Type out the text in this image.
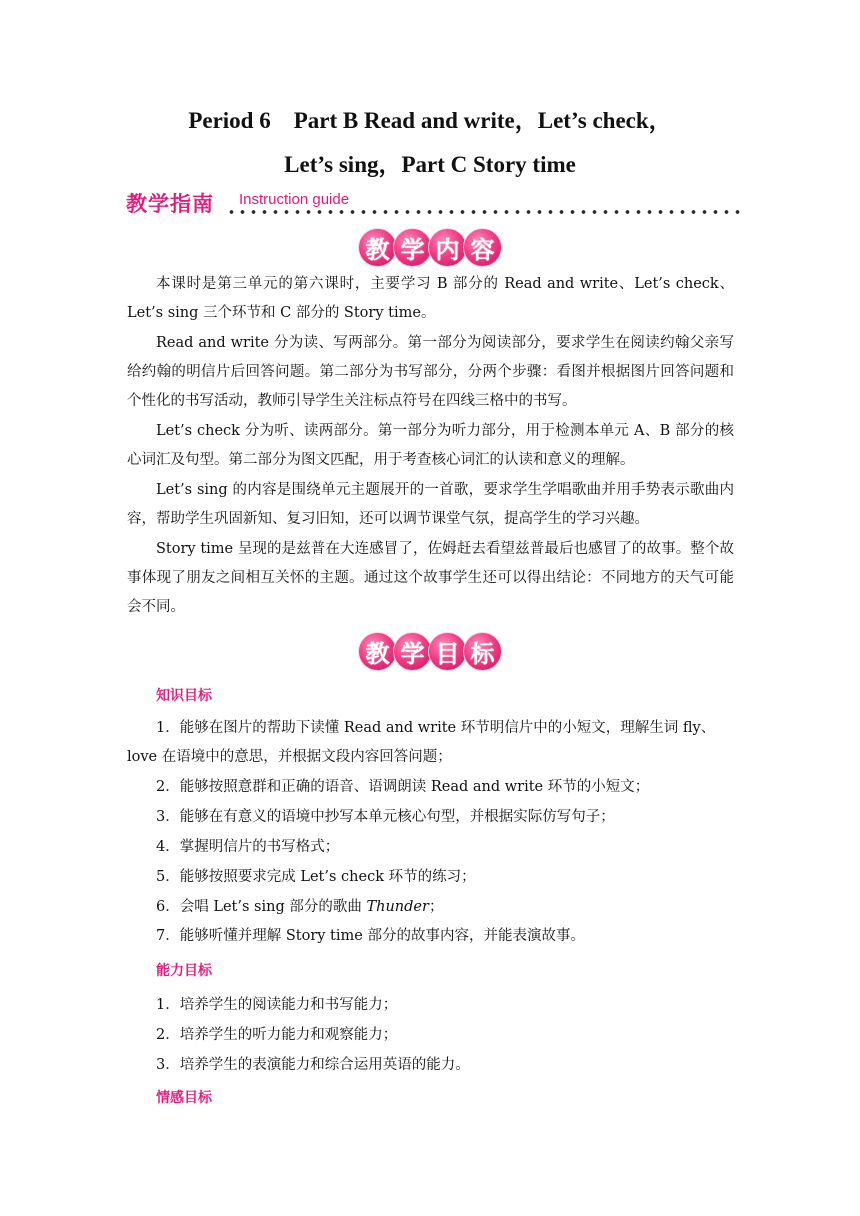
Period 6　Part B Read and write，Let’s check，
Let’s sing，Part C Story time
教学指南 Instruction guide
教 学 内 容
本课时是第三单元的第六课时，主要学习 B 部分的 Read and write、Let’s check、Let’s sing 三个环节和 C 部分的 Story time。
Read and write 分为读、写两部分。第一部分为阅读部分，要求学生在阅读约翰父亲写给约翰的明信片后回答问题。第二部分为书写部分，分两个步骤：看图并根据图片回答问题和个性化的书写活动，教师引导学生关注标点符号在四线三格中的书写。
Let’s check 分为听、读两部分。第一部分为听力部分，用于检测本单元 A、B 部分的核心词汇及句型。第二部分为图文匹配，用于考查核心词汇的认读和意义的理解。
Let’s sing 的内容是围绕单元主题展开的一首歌，要求学生学唱歌曲并用手势表示歌曲内容，帮助学生巩固新知、复习旧知，还可以调节课堂气氛，提高学生的学习兴趣。
Story time 呈现的是兹普在大连感冒了，佐姆赶去看望兹普最后也感冒了的故事。整个故事体现了朋友之间相互关怀的主题。通过这个故事学生还可以得出结论：不同地方的天气可能会不同。
教 学 目 标
知识目标
1．能够在图片的帮助下读懂 Read and write 环节明信片中的小短文，理解生词 fly、love 在语境中的意思，并根据文段内容回答问题；
2．能够按照意群和正确的语音、语调朗读 Read and write 环节的小短文；
3．能够在有意义的语境中抄写本单元核心句型，并根据实际仿写句子；
4．掌握明信片的书写格式；
5．能够按照要求完成 Let’s check 环节的练习；
6．会唱 Let’s sing 部分的歌曲 Thunder；
7．能够听懂并理解 Story time 部分的故事内容，并能表演故事。
能力目标
1．培养学生的阅读能力和书写能力；
2．培养学生的听力能力和观察能力；
3．培养学生的表演能力和综合运用英语的能力。
情感目标
